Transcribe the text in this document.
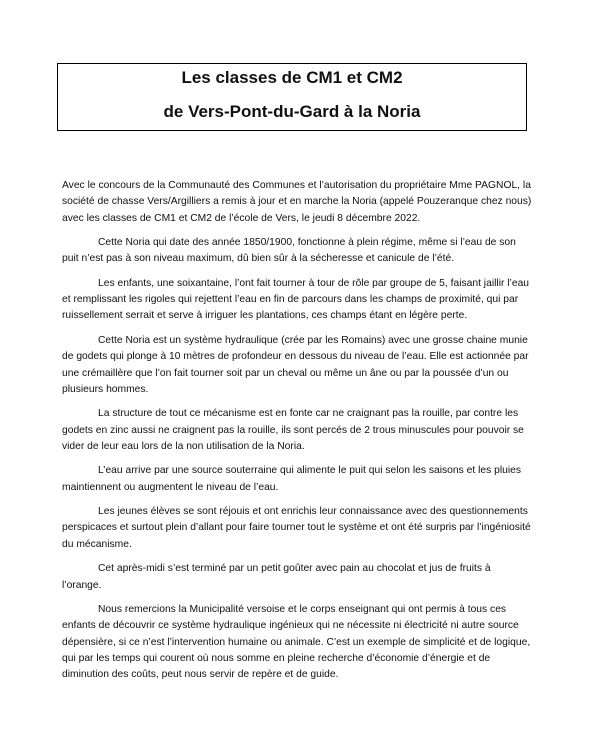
Les classes de CM1 et CM2
de Vers-Pont-du-Gard à la Noria

Avec le concours de la Communauté des Communes et l’autorisation du propriétaire Mme PAGNOL, la société de chasse Vers/Argilliers a remis à jour et en marche la Noria (appelé Pouzeranque chez nous) avec les classes de CM1 et CM2 de l’école de Vers, le jeudi 8 décembre 2022.

Cette Noria qui date des année 1850/1900, fonctionne à plein régime, même si l’eau de son puit n’est pas à son niveau maximum, dû bien sûr à la sécheresse et canicule de l’été.

Les enfants, une soixantaine, l’ont fait tourner à tour de rôle par groupe de 5, faisant jaillir l’eau et remplissant les rigoles qui rejettent l’eau en fin de parcours dans les champs de proximité, qui par ruissellement serrait et serve à irriguer les plantations, ces champs étant en légère perte.

Cette Noria est un système hydraulique (crée par les Romains) avec une grosse chaine munie de godets qui plonge à 10 mètres de profondeur en dessous du niveau de l’eau. Elle est actionnée par une crémaillère que l’on fait tourner soit par un cheval ou même un âne ou par la poussée d’un ou plusieurs hommes.

La structure de tout ce mécanisme est en fonte car ne craignant pas la rouille, par contre les godets en zinc aussi ne craignent pas la rouille, ils sont percés de 2 trous minuscules pour pouvoir se vider de leur eau lors de la non utilisation de la Noria.

L’eau arrive par une source souterraine qui alimente le puit qui selon les saisons et les pluies maintiennent ou augmentent le niveau de l’eau.

Les jeunes élèves se sont réjouis et ont enrichis leur connaissance avec des questionnements perspicaces et surtout plein d’allant pour faire tourner tout le système et ont été surpris par l’ingéniosité du mécanisme.

Cet après-midi s’est terminé par un petit goûter avec pain au chocolat et jus de fruits à l’orange.

Nous remercions la Municipalité versoise et le corps enseignant qui ont permis à tous ces enfants de découvrir ce système hydraulique ingénieux qui ne nécessite ni électricité ni autre source dépensière, si ce n’est l’intervention humaine ou animale. C’est un exemple de simplicité et de logique, qui par les temps qui courent où nous somme en pleine recherche d’économie d’énergie et de diminution des coûts, peut nous servir de repère et de guide.
